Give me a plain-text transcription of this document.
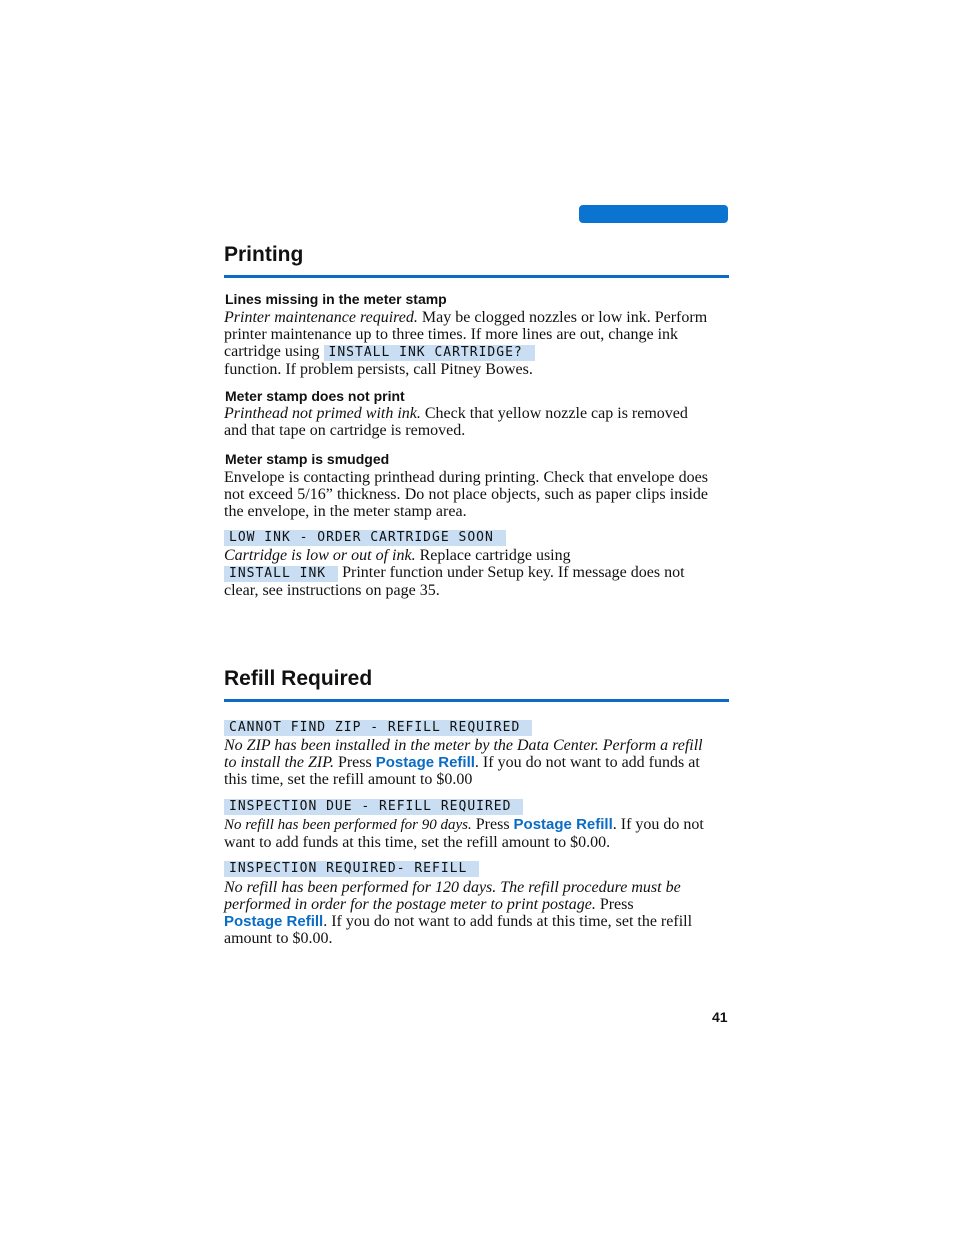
Printing

Lines missing in the meter stamp

Printer maintenance required. May be clogged nozzles or low ink. Perform printer maintenance up to three times. If more lines are out, change ink cartridge using INSTALL INK CARTRIDGE?
function. If problem persists, call Pitney Bowes.

Meter stamp does not print

Printhead not primed with ink. Check that yellow nozzle cap is removed and that tape on cartridge is removed.

Meter stamp is smudged

Envelope is contacting printhead during printing. Check that envelope does not exceed 5/16” thickness. Do not place objects, such as paper clips inside the envelope, in the meter stamp area.

LOW INK - ORDER CARTRIDGE SOON

Cartridge is low or out of ink. Replace cartridge using
INSTALL INK Printer function under Setup key. If message does not clear, see instructions on page 35.

Refill Required
CANNOT FIND ZIP - REFILL REQUIRED

No ZIP has been installed in the meter by the Data Center. Perform a refill to install the ZIP. Press Postage Refill. If you do not want to add funds at this time, set the refill amount to $0.00

INSPECTION DUE - REFILL REQUIRED

No refill has been performed for 90 days. Press Postage Refill. If you do not want to add funds at this time, set the refill amount to $0.00.

INSPECTION REQUIRED- REFILL

No refill has been performed for 120 days. The refill procedure must be performed in order for the postage meter to print postage. Press
Postage Refill. If you do not want to add funds at this time, set the refill amount to $0.00.

41
